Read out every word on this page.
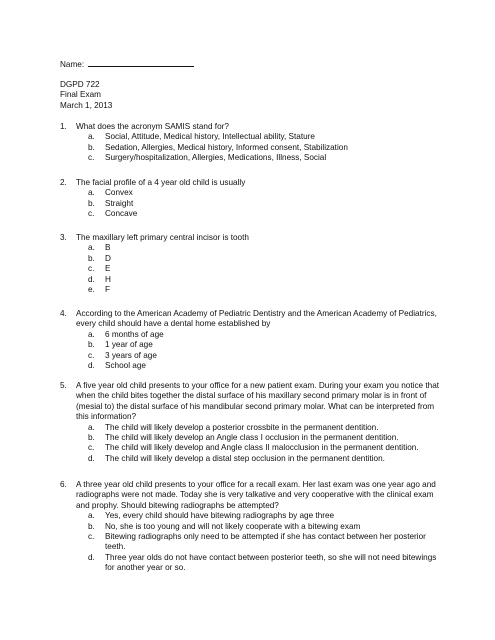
Name:
DGPD 722
Final Exam
March 1, 2013
1. What does the acronym SAMIS stand for?
a. Social, Attitude, Medical history, Intellectual ability, Stature
b. Sedation, Allergies, Medical history, Informed consent, Stabilization
c. Surgery/hospitalization, Allergies, Medications, Illness, Social
2. The facial profile of a 4 year old child is usually
a. Convex
b. Straight
c. Concave
3. The maxillary left primary central incisor is tooth
a. B
b. D
c. E
d. H
e. F
4. According to the American Academy of Pediatric Dentistry and the American Academy of Pediatrics, every child should have a dental home established by
a. 6 months of age
b. 1 year of age
c. 3 years of age
d. School age
5. A five year old child presents to your office for a new patient exam. During your exam you notice that when the child bites together the distal surface of his maxillary second primary molar is in front of (mesial to) the distal surface of his mandibular second primary molar. What can be interpreted from this information?
a. The child will likely develop a posterior crossbite in the permanent dentition.
b. The child will likely develop an Angle class I occlusion in the permanent dentition.
c. The child will likely develop and Angle class II malocclusion in the permanent dentition.
d. The child will likely develop a distal step occlusion in the permanent dentition.
6. A three year old child presents to your office for a recall exam. Her last exam was one year ago and radiographs were not made. Today she is very talkative and very cooperative with the clinical exam and prophy. Should bitewing radiographs be attempted?
a. Yes, every child should have bitewing radiographs by age three
b. No, she is too young and will not likely cooperate with a bitewing exam
c. Bitewing radiographs only need to be attempted if she has contact between her posterior teeth.
d. Three year olds do not have contact between posterior teeth, so she will not need bitewings for another year or so.
